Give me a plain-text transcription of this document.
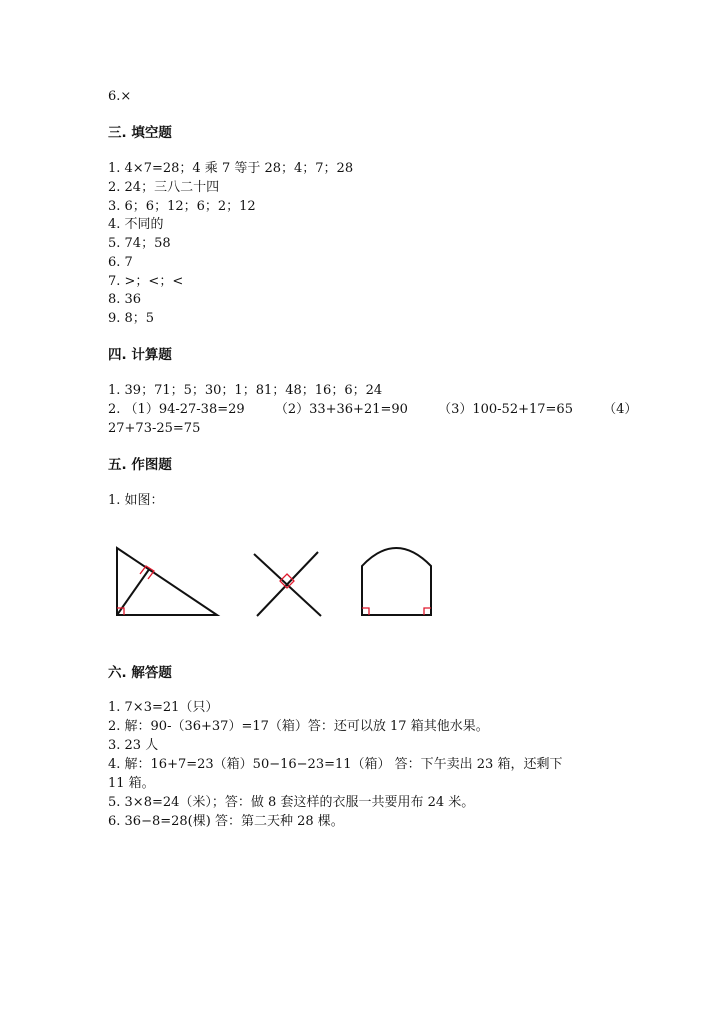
6.×
三. 填空题
1. 4×7=28；4 乘 7 等于 28；4；7；28
2. 24；三八二十四
3. 6；6；12；6；2；12
4. 不同的
5. 74；58
6. 7
7. >；<；<
8. 36
9. 8；5
四. 计算题
1. 39；71；5；30；1；81；48；16；6；24
2. （1）94-27-38=29 （2）33+36+21=90 （3）100-52+17=65 （4）
27+73-25=75
五. 作图题
1. 如图：
六. 解答题
1. 7×3=21（只）
2. 解：90-（36+37）=17（箱）答：还可以放 17 箱其他水果。
3. 23 人
4. 解：16+7=23（箱）50−16−23=11（箱） 答：下午卖出 23 箱，还剩下
11 箱。
5. 3×8=24（米）；答：做 8 套这样的衣服一共要用布 24 米。
6. 36−8=28(棵) 答：第二天种 28 棵。
